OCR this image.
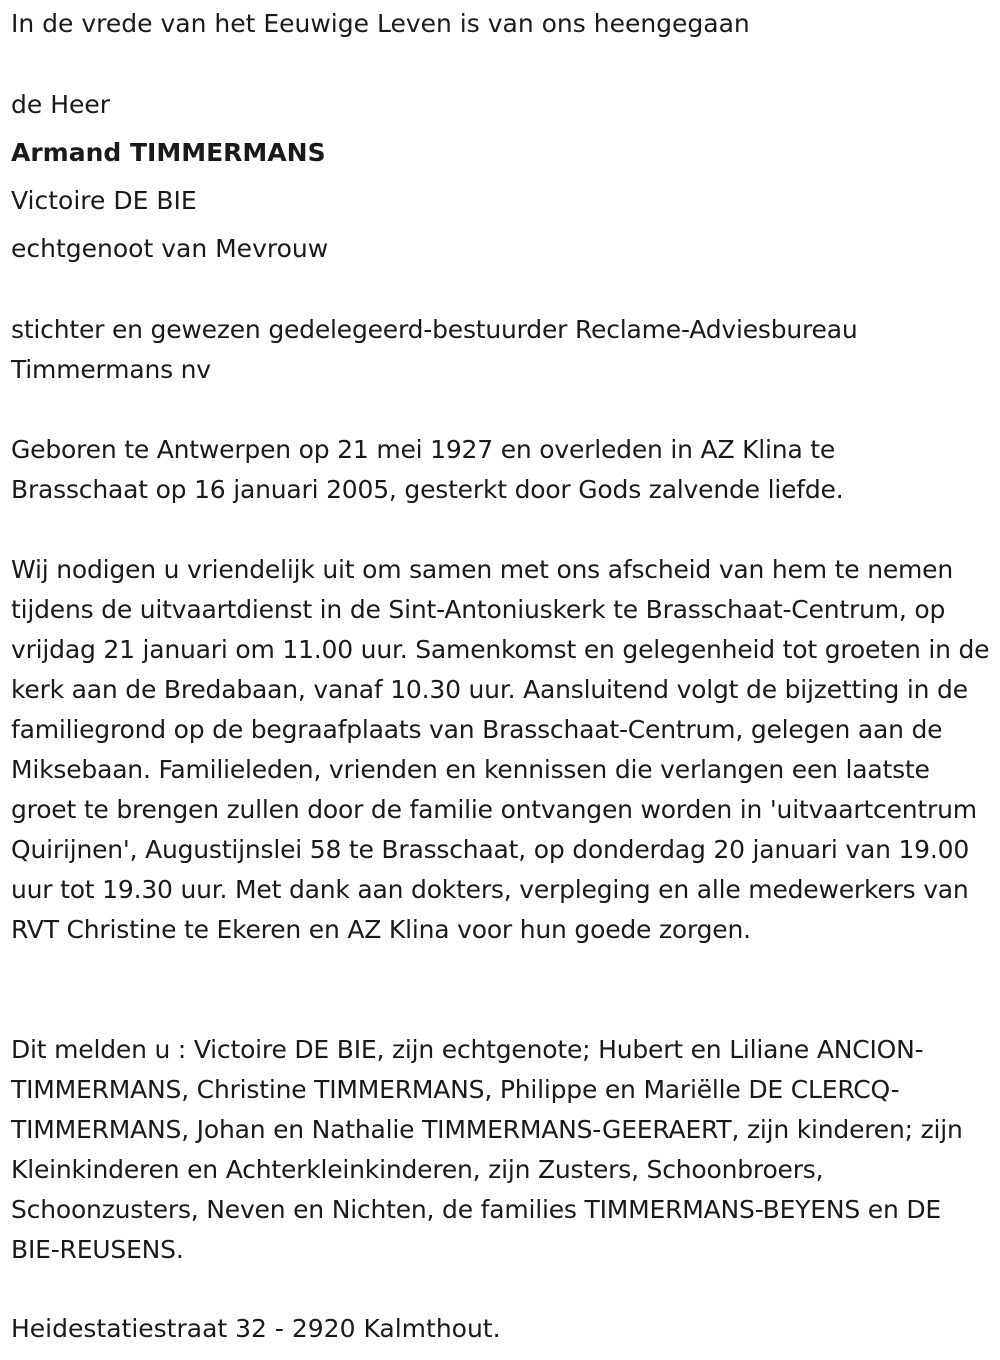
In de vrede van het Eeuwige Leven is van ons heengegaan
de Heer
Armand TIMMERMANS
Victoire DE BIE
echtgenoot van Mevrouw

stichter en gewezen gedelegeerd-bestuurder Reclame-Adviesbureau Timmermans nv

Geboren te Antwerpen op 21 mei 1927 en overleden in AZ Klina te Brasschaat op 16 januari 2005, gesterkt door Gods zalvende liefde.

Wij nodigen u vriendelijk uit om samen met ons afscheid van hem te nemen tijdens de uitvaartdienst in de Sint-Antoniuskerk te Brasschaat-Centrum, op vrijdag 21 januari om 11.00 uur. Samenkomst en gelegenheid tot groeten in de kerk aan de Bredabaan, vanaf 10.30 uur. Aansluitend volgt de bijzetting in de familiegrond op de begraafplaats van Brasschaat-Centrum, gelegen aan de Miksebaan. Familieleden, vrienden en kennissen die verlangen een laatste groet te brengen zullen door de familie ontvangen worden in 'uitvaartcentrum Quirijnen', Augustijnslei 58 te Brasschaat, op donderdag 20 januari van 19.00 uur tot 19.30 uur. Met dank aan dokters, verpleging en alle medewerkers van RVT Christine te Ekeren en AZ Klina voor hun goede zorgen.

Dit melden u : Victoire DE BIE, zijn echtgenote; Hubert en Liliane ANCION-TIMMERMANS, Christine TIMMERMANS, Philippe en Mariëlle DE CLERCQ-TIMMERMANS, Johan en Nathalie TIMMERMANS-GEERAERT, zijn kinderen; zijn Kleinkinderen en Achterkleinkinderen, zijn Zusters, Schoonbroers, Schoonzusters, Neven en Nichten, de families TIMMERMANS-BEYENS en DE BIE-REUSENS.

Heidestatiestraat 32 - 2920 Kalmthout.
